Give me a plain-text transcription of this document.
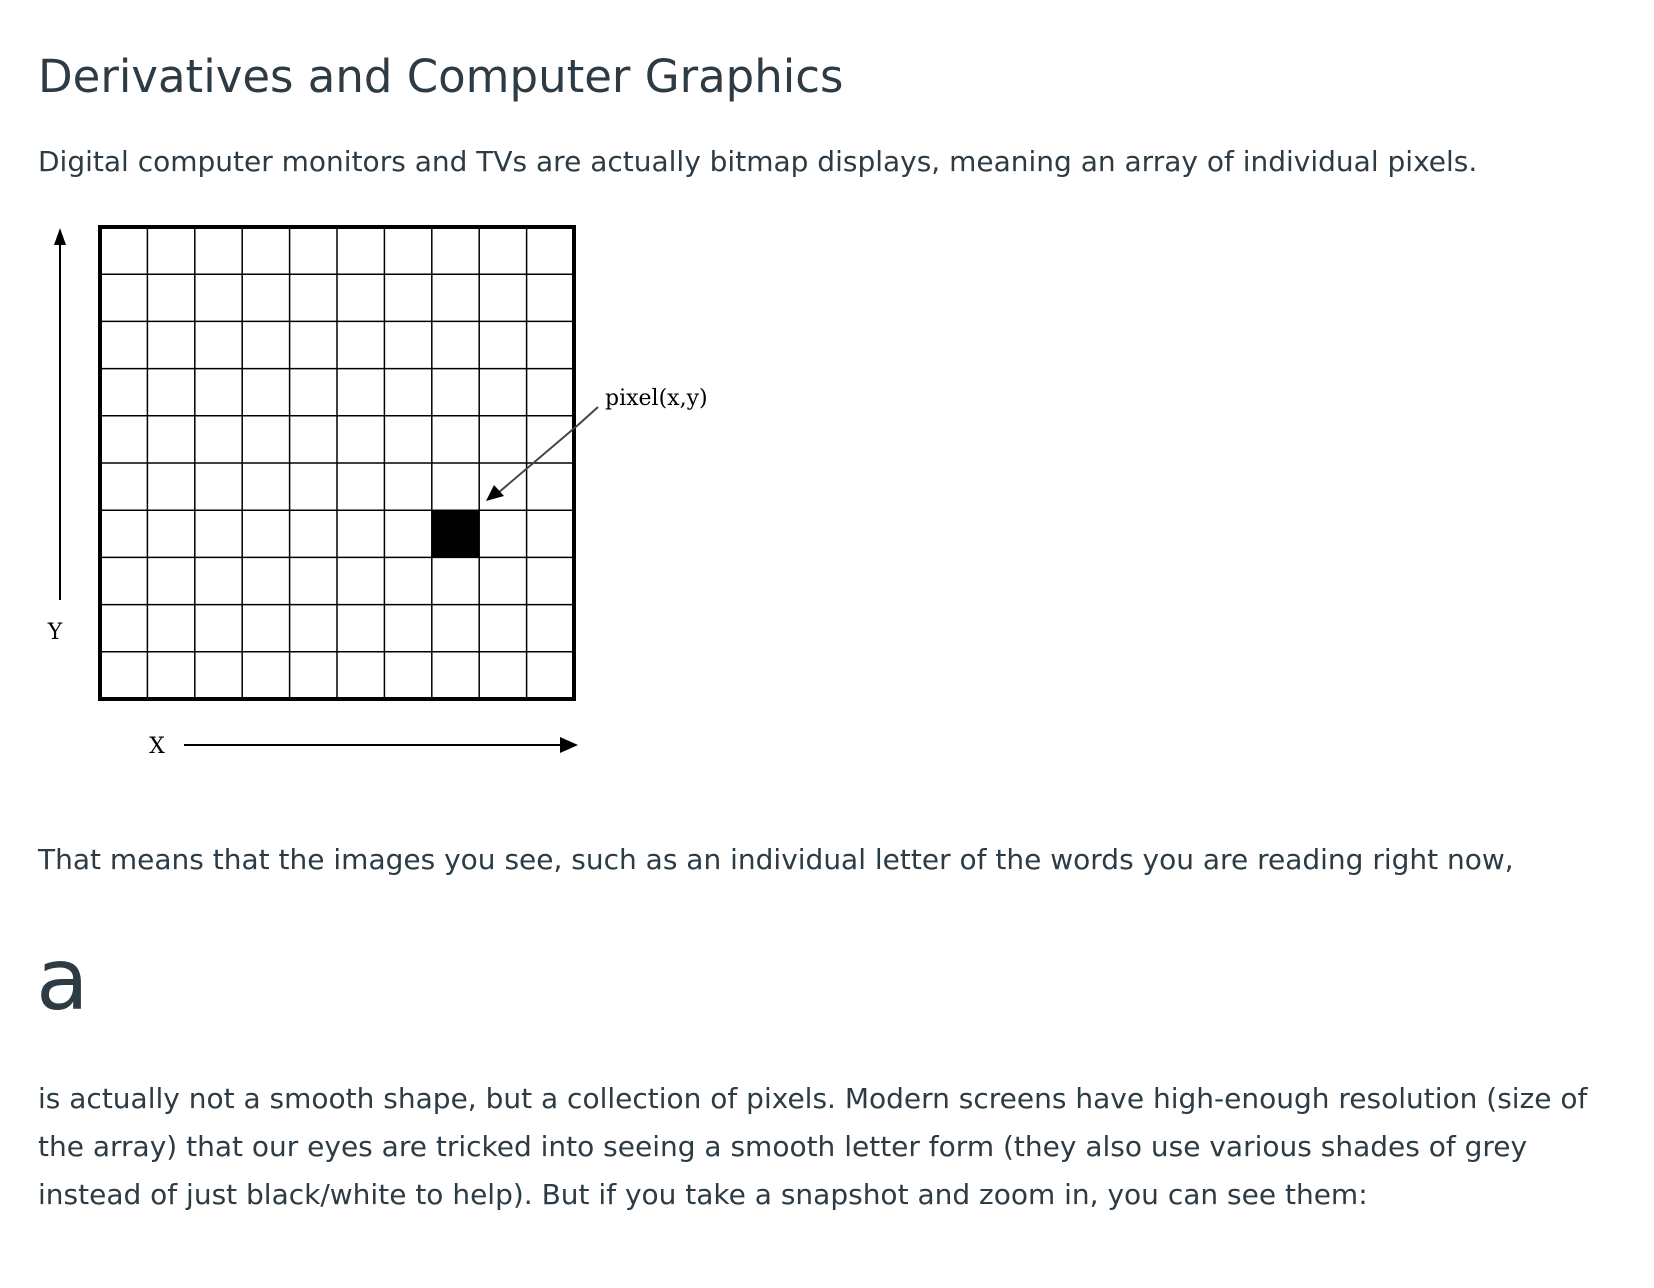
Derivatives and Computer Graphics

Digital computer monitors and TVs are actually bitmap displays, meaning an array of individual pixels.

Y
pixel(x,y)
X

That means that the images you see, such as an individual letter of the words you are reading right now,

a

is actually not a smooth shape, but a collection of pixels. Modern screens have high-enough resolution (size of the array) that our eyes are tricked into seeing a smooth letter form (they also use various shades of grey instead of just black/white to help). But if you take a snapshot and zoom in, you can see them:
